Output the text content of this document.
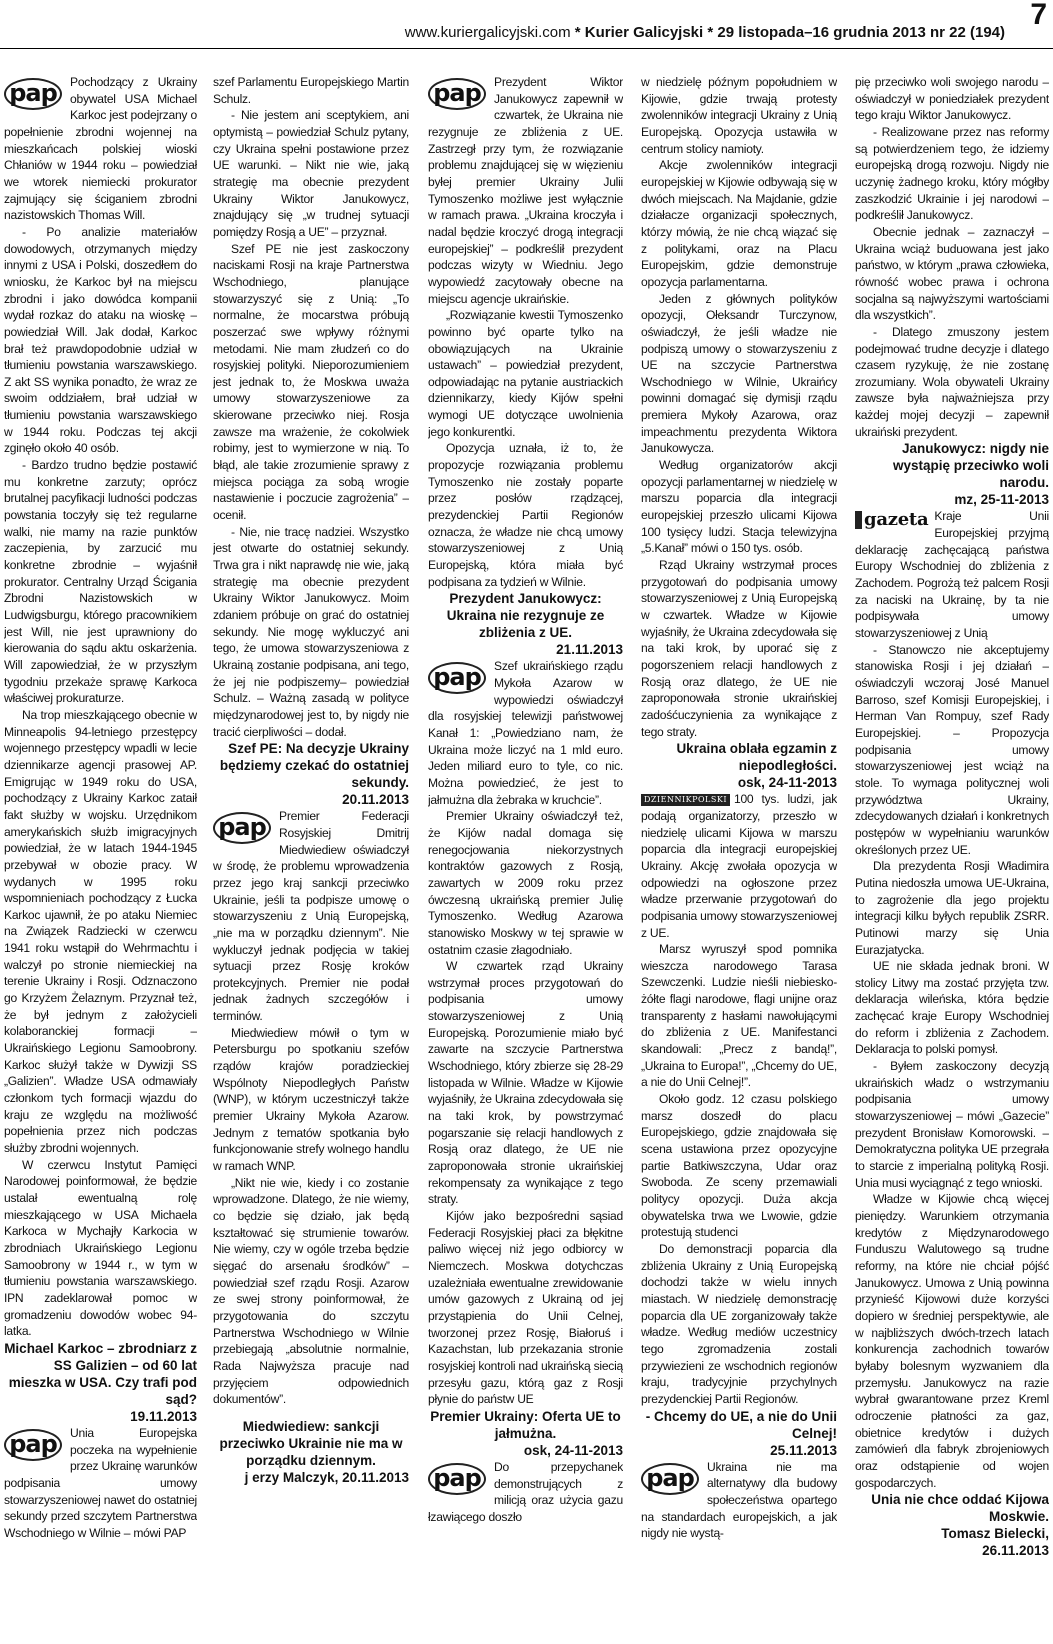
7
www.kuriergalicyjski.com * Kurier Galicyjski * 29 listopada–16 grudnia 2013 nr 22 (194)
pap	Pochodzący z Ukrainy obywatel USA Michael Karkoc jest podejrzany o popełnienie zbrodni wojennej na mieszkańcach polskiej wioski Chłaniów w 1944 roku – powiedział we wtorek niemiecki prokurator zajmujący się ściganiem zbrodni nazistowskich Thomas Will.

- Po analizie materiałów dowodowych, otrzymanych między innymi z USA i Polski, doszedłem do wniosku, że Karkoc był na miejscu zbrodni i jako dowódca kompanii wydał rozkaz do ataku na wioskę – powiedział Will. Jak dodał, Karkoc brał też prawdopodobnie udział w tłumieniu powstania warszawskiego. Z akt SS wynika ponadto, że wraz ze swoim oddziałem, brał udział w tłumieniu powstania warszawskiego w 1944 roku. Podczas tej akcji zginęło około 40 osób.

- Bardzo trudno będzie postawić mu konkretne zarzuty; oprócz brutalnej pacyfikacji ludności podczas powstania toczyły się też regularne walki, nie mamy na razie punktów zaczepienia, by zarzucić mu konkretne zbrodnie – wyjaśnił prokurator. Centralny Urząd Ścigania Zbrodni Nazistowskich w Ludwigsburgu, którego pracownikiem jest Will, nie jest uprawniony do kierowania do sądu aktu oskarżenia. Will zapowiedział, że w przyszłym tygodniu przekaże sprawę Karkoca właściwej prokuraturze.

Na trop mieszkającego obecnie w Minneapolis 94-letniego przestępcy wojennego przestępcy wpadli w lecie dziennikarze agencji prasowej AP. Emigrując w 1949 roku do USA, pochodzący z Ukrainy Karkoc zataił fakt służby w wojsku. Urzędnikom amerykańskich służb imigracyjnych powiedział, że w latach 1944-1945 przebywał w obozie pracy. W wydanych w 1995 roku wspomnieniach pochodzący z Łucka Karkoc ujawnił, że po ataku Niemiec na Związek Radziecki w czerwcu 1941 roku wstąpił do Wehrmachtu i walczył po stronie niemieckiej na terenie Ukrainy i Rosji. Odznaczono go Krzyżem Żelaznym. Przyznał też, że był jednym z założycieli kolaboranckiej formacji – Ukraińskiego Legionu Samoobrony. Karkoc służył także w Dywizji SS „Galizien”. Władze USA odmawiały członkom tych formacji wjazdu do kraju ze względu na możliwość popełnienia przez nich podczas służby zbrodni wojennych.

W czerwcu Instytut Pamięci Narodowej poinformował, że będzie ustalał ewentualną rolę mieszkającego w USA Michaela Karkoca w Mychajły Karkocia w zbrodniach Ukraińskiego Legionu Samoobrony w 1944 r., w tym w tłumieniu powstania warszawskiego. IPN zadeklarował pomoc w gromadzeniu dowodów wobec 94-latka.

Michael Karkoc – zbrodniarz z SS Galizien – od 60 lat mieszka w USA. Czy trafi pod sąd?

19.11.2013

pap	Unia Europejska poczeka na wypełnienie przez Ukrainę warunków podpisania umowy stowarzyszeniowej nawet do ostatniej sekundy przed szczytem Partnerstwa Wschodniego w Wilnie – mówi PAP

szef Parlamentu Europejskiego Martin Schulz.

- Nie jestem ani sceptykiem, ani optymistą – powiedział Schulz pytany, czy Ukraina spełni postawione przez UE warunki. – Nikt nie wie, jaką strategię ma obecnie prezydent Ukrainy Wiktor Janukowycz, znajdujący się „w trudnej sytuacji pomiędzy Rosją a UE” – przyznał.

Szef PE nie jest zaskoczony naciskami Rosji na kraje Partnerstwa Wschodniego, planujące stowarzyszyć się z Unią: „To normalne, że mocarstwa próbują poszerzać swe wpływy różnymi metodami. Nie mam złudzeń co do rosyjskiej polityki. Nieporozumieniem jest jednak to, że Moskwa uważa umowy stowarzyszeniowe za skierowane przeciwko niej. Rosja zawsze ma wrażenie, że cokolwiek robimy, jest to wymierzone w nią. To błąd, ale takie zrozumienie sprawy z miejsca pociąga za sobą wrogie nastawienie i poczucie zagrożenia” – ocenił.

- Nie, nie tracę nadziei. Wszystko jest otwarte do ostatniej sekundy. Trwa gra i nikt naprawdę nie wie, jaką strategię ma obecnie prezydent Ukrainy Wiktor Janukowycz. Moim zdaniem próbuje on grać do ostatniej sekundy. Nie mogę wykluczyć ani tego, że umowa stowarzyszeniowa z Ukrainą zostanie podpisana, ani tego, że jej nie podpiszemy– powiedział Schulz. – Ważną zasadą w polityce międzynarodowej jest to, by nigdy nie tracić cierpliwości – dodał.

Szef PE: Na decyzje Ukrainy będziemy czekać do ostatniej sekundy.

20.11.2013

pap	Premier Federacji Rosyjskiej Dmitrij Miedwiediew oświadczył w środę, że problemu wprowadzenia przez jego kraj sankcji przeciwko Ukrainie, jeśli ta podpisze umowę o stowarzyszeniu z Unią Europejską, „nie ma w porządku dziennym”. Nie wykluczył jednak podjęcia w takiej sytuacji przez Rosję kroków protekcyjnych. Premier nie podał jednak żadnych szczegółów i terminów.

Miedwiediew mówił o tym w Petersburgu po spotkaniu szefów rządów krajów poradzieckiej Wspólnoty Niepodległych Państw (WNP), w którym uczestniczył także premier Ukrainy Mykoła Azarow. Jednym z tematów spotkania było funkcjonowanie strefy wolnego handlu w ramach WNP.

„Nikt nie wie, kiedy i co zostanie wprowadzone. Dlatego, że nie wiemy, co będzie się działo, jak będą kształtować się strumienie towarów. Nie wiemy, czy w ogóle trzeba będzie sięgać do arsenału środków” – powiedział szef rządu Rosji. Azarow ze swej strony poinformował, że przygotowania do szczytu Partnerstwa Wschodniego w Wilnie przebiegają „absolutnie normalnie, Rada Najwyższa pracuje nad przyjęciem odpowiednich dokumentów”.

Miedwiediew: sankcji przeciwko Ukrainie nie ma w porządku dziennym.

j erzy Malczyk, 20.11.2013

pap	Prezydent Wiktor Janukowycz zapewnił w czwartek, że Ukraina nie rezygnuje ze zbliżenia z UE. Zastrzegł przy tym, że rozwiązanie problemu znajdującej się w więzieniu byłej premier Ukrainy Julii Tymoszenko możliwe jest wyłącznie w ramach prawa. „Ukraina kroczyła i nadal będzie kroczyć drogą integracji europejskiej” – podkreślił prezydent podczas wizyty w Wiedniu. Jego wypowiedź zacytowały obecne na miejscu agencje ukraińskie.

„Rozwiązanie kwestii Tymoszenko powinno być oparte tylko na obowiązujących na Ukrainie ustawach” – powiedział prezydent, odpowiadając na pytanie austriackich dziennikarzy, kiedy Kijów spełni wymogi UE dotyczące uwolnienia jego konkurentki.

Opozycja uznała, iż to, że propozycje rozwiązania problemu Tymoszenko nie zostały poparte przez posłów rządzącej, prezydenckiej Partii Regionów oznacza, że władze nie chcą umowy stowarzyszeniowej z Unią Europejską, która miała być podpisana za tydzień w Wilnie.

Prezydent Janukowycz: Ukraina nie rezygnuje ze zbliżenia z UE.

21.11.2013

pap	Szef ukraińskiego rządu Mykoła Azarow w wypowiedzi oświadczył dla rosyjskiej telewizji państwowej Kanał 1: „Powiedziano nam, że Ukraina może liczyć na 1 mld euro. Jeden miliard euro to tyle, co nic. Można powiedzieć, że jest to jałmużna dla żebraka w kruchcie”.

Premier Ukrainy oświadczył też, że Kijów nadal domaga się renegocjowania niekorzystnych kontraktów gazowych z Rosją, zawartych w 2009 roku przez ówczesną ukraińską premier Julię Tymoszenko. Według Azarowa stanowisko Moskwy w tej sprawie w ostatnim czasie złagodniało.

W czwartek rząd Ukrainy wstrzymał proces przygotowań do podpisania umowy stowarzyszeniowej z Unią Europejską. Porozumienie miało być zawarte na szczycie Partnerstwa Wschodniego, który zbierze się 28-29 listopada w Wilnie. Władze w Kijowie wyjaśniły, że Ukraina zdecydowała się na taki krok, by powstrzymać pogarszanie się relacji handlowych z Rosją oraz dlatego, że UE nie zaproponowała stronie ukraińskiej rekompensaty za wynikające z tego straty.

Kijów jako bezpośredni sąsiad Federacji Rosyjskiej płaci za błękitne paliwo więcej niż jego odbiorcy w Niemczech. Moskwa dotychczas uzależniała ewentualne zrewidowanie umów gazowych z Ukrainą od jej przystąpienia do Unii Celnej, tworzonej przez Rosję, Białoruś i Kazachstan, lub przekazania stronie rosyjskiej kontroli nad ukraińską siecią przesyłu gazu, którą gaz z Rosji płynie do państw UE

Premier Ukrainy: Oferta UE to jałmużna.

osk, 24-11-2013

pap	Do przepychanek demonstrujących z milicją oraz użycia gazu łzawiącego doszło

w niedzielę późnym popołudniem w Kijowie, gdzie trwają protesty zwolenników integracji Ukrainy z Unią Europejską. Opozycja ustawiła w centrum stolicy namioty.

Akcje zwolenników integracji europejskiej w Kijowie odbywają się w dwóch miejscach. Na Majdanie, gdzie działacze organizacji społecznych, którzy mówią, że nie chcą wiązać się z politykami, oraz na Placu Europejskim, gdzie demonstruje opozycja parlamentarna.

Jeden z głównych polityków opozycji, Ołeksandr Turczynow, oświadczył, że jeśli władze nie podpiszą umowy o stowarzyszeniu z UE na szczycie Partnerstwa Wschodniego w Wilnie, Ukraińcy powinni domagać się dymisji rządu premiera Mykoły Azarowa, oraz impeachmentu prezydenta Wiktora Janukowycza.

Według organizatorów akcji opozycji parlamentarnej w niedzielę w marszu poparcia dla integracji europejskiej przeszło ulicami Kijowa 100 tysięcy ludzi. Stacja telewizyjna „5.Kanał” mówi o 150 tys. osób.

Rząd Ukrainy wstrzymał proces przygotowań do podpisania umowy stowarzyszeniowej z Unią Europejską w czwartek. Władze w Kijowie wyjaśniły, że Ukraina zdecydowała się na taki krok, by uporać się z pogorszeniem relacji handlowych z Rosją oraz dlatego, że UE nie zaproponowała stronie ukraińskiej zadośćuczynienia za wynikające z tego straty.

Ukraina oblała egzamin z niepodległości.

osk, 24-11-2013

DZIENNIKPOLSKI 100 tys. ludzi, jak podają organizatorzy, przeszło w niedzielę ulicami Kijowa w marszu poparcia dla integracji europejskiej Ukrainy. Akcję zwołała opozycja w odpowiedzi na ogłoszone przez władze przerwanie przygotowań do podpisania umowy stowarzyszeniowej z UE.

Marsz wyruszył spod pomnika wieszcza narodowego Tarasa Szewczenki. Ludzie nieśli niebiesko-żółte flagi narodowe, flagi unijne oraz transparenty z hasłami nawołującymi do zbliżenia z UE. Manifestanci skandowali: „Precz z bandą!”, „Ukraina to Europa!”, „Chcemy do UE, a nie do Unii Celnej!”.

Około godz. 12 czasu polskiego marsz doszedł do placu Europejskiego, gdzie znajdowała się scena ustawiona przez opozycyjne partie Batkiwszczyna, Udar oraz Swoboda. Ze sceny przemawiali politycy opozycji. Duża akcja obywatelska trwa we Lwowie, gdzie protestują studenci

Do demonstracji poparcia dla zbliżenia Ukrainy z Unią Europejską dochodzi także w wielu innych miastach. W niedzielę demonstrację poparcia dla UE zorganizowały także władze. Według mediów uczestnicy tego zgromadzenia zostali przywiezieni ze wschodnich regionów kraju, tradycyjnie przychylnych prezydenckiej Partii Regionów.

- Chcemy do UE, a nie do Unii Celnej!

25.11.2013

pap	Ukraina nie ma alternatywy dla budowy społeczeństwa opartego na standardach europejskich, a jak nigdy nie wystą-

pię przeciwko woli swojego narodu – oświadczył w poniedziałek prezydent tego kraju Wiktor Janukowycz.

- Realizowane przez nas reformy są potwierdzeniem tego, że idziemy europejską drogą rozwoju. Nigdy nie uczynię żadnego kroku, który mógłby zaszkodzić Ukrainie i jej narodowi – podkreślił Janukowycz.

Obecnie jednak – zaznaczył – Ukraina wciąż buduowana jest jako państwo, w którym „prawa człowieka, równość wobec prawa i ochrona socjalna są najwyższymi wartościami dla wszystkich”.

- Dlatego zmuszony jestem podejmować trudne decyzje i dlatego czasem ryzykuję, że nie zostanę zrozumiany. Wola obywateli Ukrainy zawsze była najważniejsza przy każdej mojej decyzji – zapewnił ukraiński prezydent.

Janukowycz: nigdy nie wystąpię przeciwko woli narodu.

mz, 25-11-2013

gazeta Kraje Unii Europejskiej przyjmą deklarację zachęcającą państwa Europy Wschodniej do zbliżenia z Zachodem. Pogrożą też palcem Rosji za naciski na Ukrainę, by ta nie podpisywała umowy stowarzyszeniowej z Unią

- Stanowczo nie akceptujemy stanowiska Rosji i jej działań – oświadczyli wczoraj José Manuel Barroso, szef Komisji Europejskiej, i Herman Van Rompuy, szef Rady Europejskiej. – Propozycja podpisania umowy stowarzyszeniowej jest wciąż na stole. To wymaga politycznej woli przywództwa Ukrainy, zdecydowanych działań i konkretnych postępów w wypełnianiu warunków określonych przez UE.

Dla prezydenta Rosji Władimira Putina niedoszła umowa UE-Ukraina, to zagrożenie dla jego projektu integracji kilku byłych republik ZSRR. Putinowi marzy się Unia Eurazjatycka.

UE nie składa jednak broni. W stolicy Litwy ma zostać przyjęta tzw. deklaracja wileńska, która będzie zachęcać kraje Europy Wschodniej do reform i zbliżenia z Zachodem. Deklaracja to polski pomysł.

- Byłem zaskoczony decyzją ukraińskich władz o wstrzymaniu podpisania umowy stowarzyszeniowej – mówi „Gazecie” prezydent Bronisław Komorowski. – Demokratyczna polityka UE przegrała to starcie z imperialną polityką Rosji. Unia musi wyciągnąć z tego wnioski.

Władze w Kijowie chcą więcej pieniędzy. Warunkiem otrzymania kredytów z Międzynarodowego Funduszu Walutowego są trudne reformy, na które nie chciał pójść Janukowycz. Umowa z Unią powinna przynieść Kijowowi duże korzyści dopiero w średniej perspektywie, ale w najbliższych dwóch-trzech latach konkurencja zachodnich towarów byłaby bolesnym wyzwaniem dla przemysłu. Janukowycz na razie wybrał gwarantowane przez Kreml odroczenie płatności za gaz, obietnice kredytów i dużych zamówień dla fabryk zbrojeniowych oraz odstąpienie od wojen gospodarczych.

Unia nie chce oddać Kijowa Moskwie.

Tomasz Bielecki, 26.11.2013
